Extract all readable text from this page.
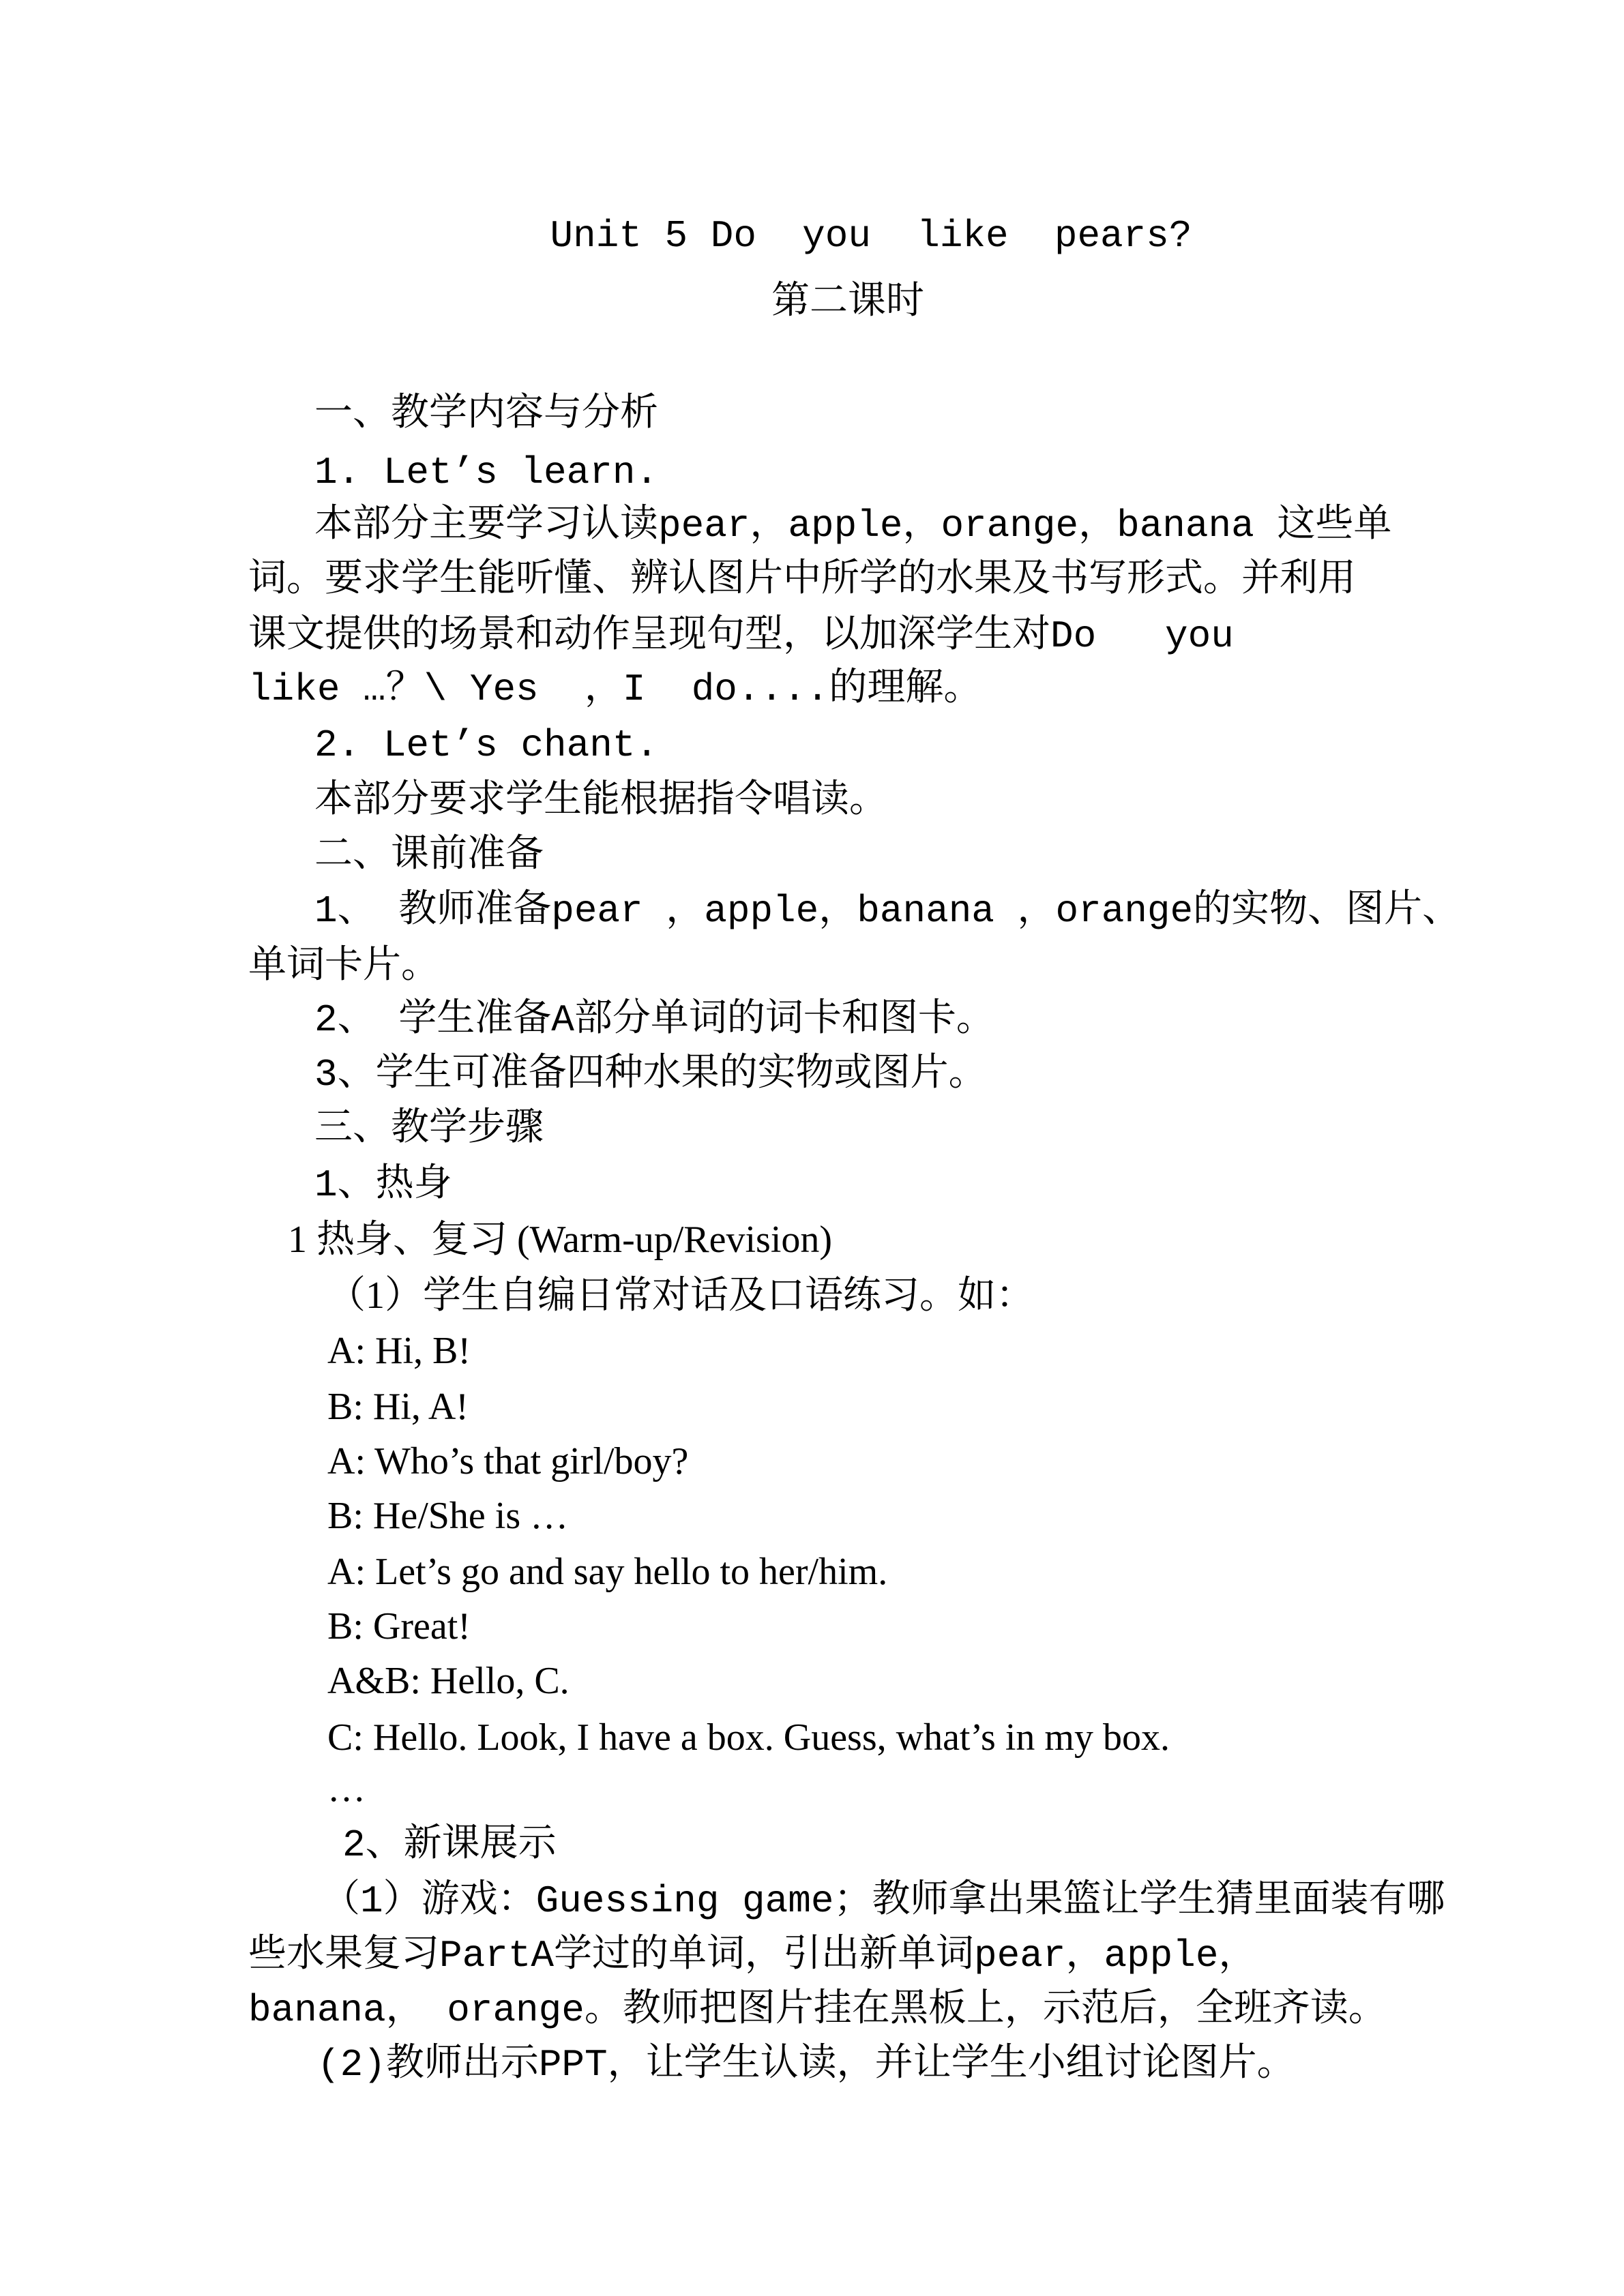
Unit 5 Do  you  like  pears?
第二课时
一、教学内容与分析
1. Let’s learn.
本部分主要学习认读pear，apple，orange，banana 这些单
词。要求学生能听懂、辨认图片中所学的水果及书写形式。并利用
课文提供的场景和动作呈现句型，以加深学生对Do   you
like …？\ Yes  ，I  do....的理解。
2. Let’s chant.
本部分要求学生能根据指令唱读。
二、课前准备
1、 教师准备pear ，apple，banana ，orange的实物、图片、
单词卡片。
2、 学生准备A部分单词的词卡和图卡。
3、学生可准备四种水果的实物或图片。
三、教学步骤
1、热身
1 热身、复习 (Warm-up/Revision)
（1）学生自编日常对话及口语练习。如：
A: Hi, B!
B: Hi, A!
A: Who’s that girl/boy?
B: He/She is …
A: Let’s go and say hello to her/him.
B: Great!
A&B: Hello, C.
C: Hello. Look, I have a box. Guess, what’s in my box.
…
2、新课展示
（1）游戏：Guessing game；教师拿出果篮让学生猜里面装有哪
些水果复习PartA学过的单词，引出新单词pear，apple，
banana， orange。教师把图片挂在黑板上，示范后，全班齐读。
(2)教师出示PPT，让学生认读，并让学生小组讨论图片。
